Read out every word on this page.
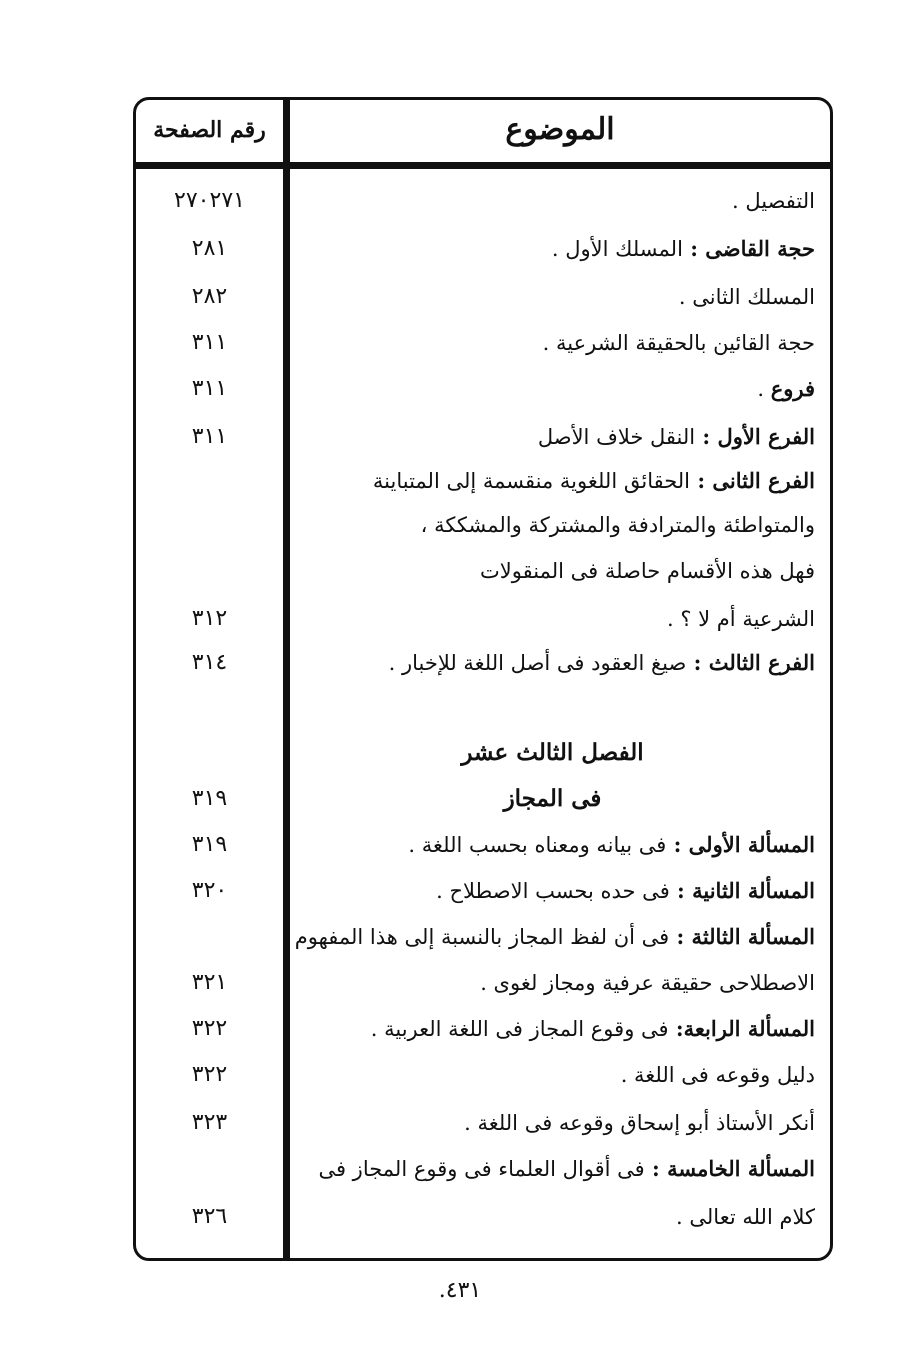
الموضوع
رقم الصفحة
التفصيل .
٢٧٠٢٧١
حجة القاضى : المسلك الأول .
٢٨١
المسلك الثانى .
٢٨٢
حجة القائين بالحقيقة الشرعية .
٣١١
فروع .
٣١١
الفرع الأول : النقل خلاف الأصل
٣١١
الفرع الثانى : الحقائق اللغوية منقسمة إلى المتباينة
والمتواطئة والمترادفة والمشتركة والمشككة ،
فهل هذه الأقسام حاصلة فى المنقولات
الشرعية أم لا ؟ .
٣١٢
الفرع الثالث : صيغ العقود فى أصل اللغة للإخبار .
٣١٤
الفصل الثالث عشر
فى المجاز
٣١٩
المسألة الأولى : فى بيانه ومعناه بحسب اللغة .
٣١٩
المسألة الثانية : فى حده بحسب الاصطلاح .
٣٢٠
المسألة الثالثة : فى أن لفظ المجاز بالنسبة إلى هذا المفهوم
الاصطلاحى حقيقة عرفية ومجاز لغوى .
٣٢١
المسألة الرابعة: فى وقوع المجاز فى اللغة العربية .
٣٢٢
دليل وقوعه فى اللغة .
٣٢٢
أنكر الأستاذ أبو إسحاق وقوعه فى اللغة .
٣٢٣
المسألة الخامسة : فى أقوال العلماء فى وقوع المجاز فى
كلام الله تعالى .
٣٢٦
٤٣١.
